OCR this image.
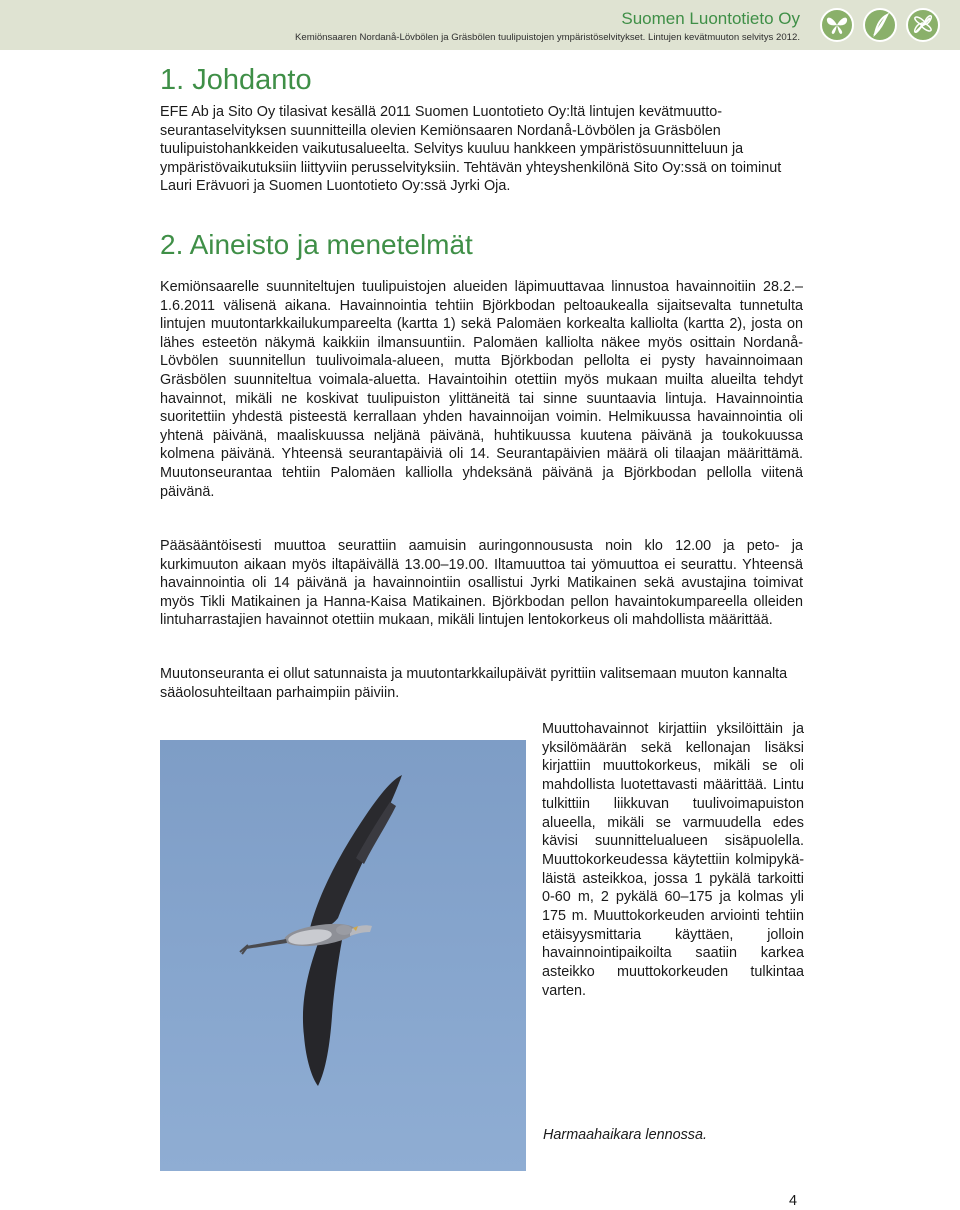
Suomen Luontotieto Oy
Kemiönsaaren Nordanå-Lövbölen ja Gräsbölen tuulipuistojen ympäristöselvitykset. Lintujen kevätmuuton selvitys 2012.
1. Johdanto

EFE Ab ja Sito Oy tilasivat kesällä 2011 Suomen Luontotieto Oy:ltä lintujen kevätmuutto-seurantaselvityksen suunnitteilla olevien Kemiönsaaren Nordanå-Lövbölen ja Gräsbölen tuulipuistohankkeiden vaikutusalueelta. Selvitys kuuluu hankkeen ympäristösuunnitteluun ja ympäristövaikutuksiin liittyviin perusselvityksiin. Tehtävän yhteyshenkilönä Sito Oy:ssä on toiminut Lauri Erävuori ja Suomen Luontotieto Oy:ssä Jyrki Oja.

2. Aineisto ja menetelmät

Kemiönsaarelle suunniteltujen tuulipuistojen alueiden läpimuuttavaa linnustoa havainnoitiin 28.2.–1.6.2011 välisenä aikana. Havainnointia tehtiin Björkbodan peltoaukealla sijaitsevalta tunnetulta lintujen muutontarkkailukumpareelta (kartta 1) sekä Palomäen korkealta kalliolta (kartta 2), josta on lähes esteetön näkymä kaikkiin ilmansuuntiin. Palomäen kalliolta näkee myös osittain Nordanå-Lövbölen suunnitellun tuulivoimala-alueen, mutta Björkbodan pellolta ei pysty havainnoimaan Gräsbölen suunniteltua voimala-aluetta. Havaintoihin otettiin myös mukaan muilta alueilta tehdyt havainnot, mikäli ne koskivat tuulipuiston ylittäneitä tai sinne suuntaavia lintuja. Havainnointia suoritettiin yhdestä pisteestä kerrallaan yhden havainnoijan voimin. Helmikuussa havainnointia oli yhtenä päivänä, maaliskuussa neljänä päivänä, huhtikuussa kuutena päivänä ja toukokuussa kolmena päivänä. Yhteensä seurantapäiviä oli 14. Seurantapäivien määrä oli tilaajan määrittämä. Muutonseurantaa tehtiin Palomäen kalliolla yhdeksänä päivänä ja Björkbodan pellolla viitenä päivänä.

Pääsääntöisesti muuttoa seurattiin aamuisin auringonnoususta noin klo 12.00 ja peto- ja kurkimuuton aikaan myös iltapäivällä 13.00–19.00. Iltamuuttoa tai yömuuttoa ei seurattu. Yhteensä havainnointia oli 14 päivänä ja havainnointiin osallistui Jyrki Matikainen sekä avustajina toimivat myös Tikli Matikainen ja Hanna-Kaisa Matikainen. Björkbodan pellon havaintokumpareella olleiden lintuharrastajien havainnot otettiin mukaan, mikäli lintujen lentokorkeus oli mahdollista määrittää.

Muutonseuranta ei ollut satunnaista ja muutontarkkailupäivät pyrittiin valitsemaan muuton kannalta sääolosuhteiltaan parhaimpiin päiviin.

Muuttohavainnot kirjattiin yksilöittäin ja yksilömäärän sekä kellonajan lisäksi kirjattiin muuttokorkeus, mikäli se oli mahdollista luotettavasti määrittää. Lintu tulkittiin liikkuvan tuulivoimapuiston alueella, mikäli se varmuudella edes kävisi suunnittelualueen sisäpuolella. Muuttokorkeudessa käytettiin kolmipykäläistä asteikkoa, jossa 1 pykälä tarkoitti 0-60 m, 2 pykälä 60–175 ja kolmas yli 175 m. Muuttokorkeuden arviointi tehtiin etäisyysmittaria käyttäen, jolloin havainnointipaikoilta saatiin karkea asteikko muuttokorkeuden tulkintaa varten.

Harmaahaikara lennossa.

4
